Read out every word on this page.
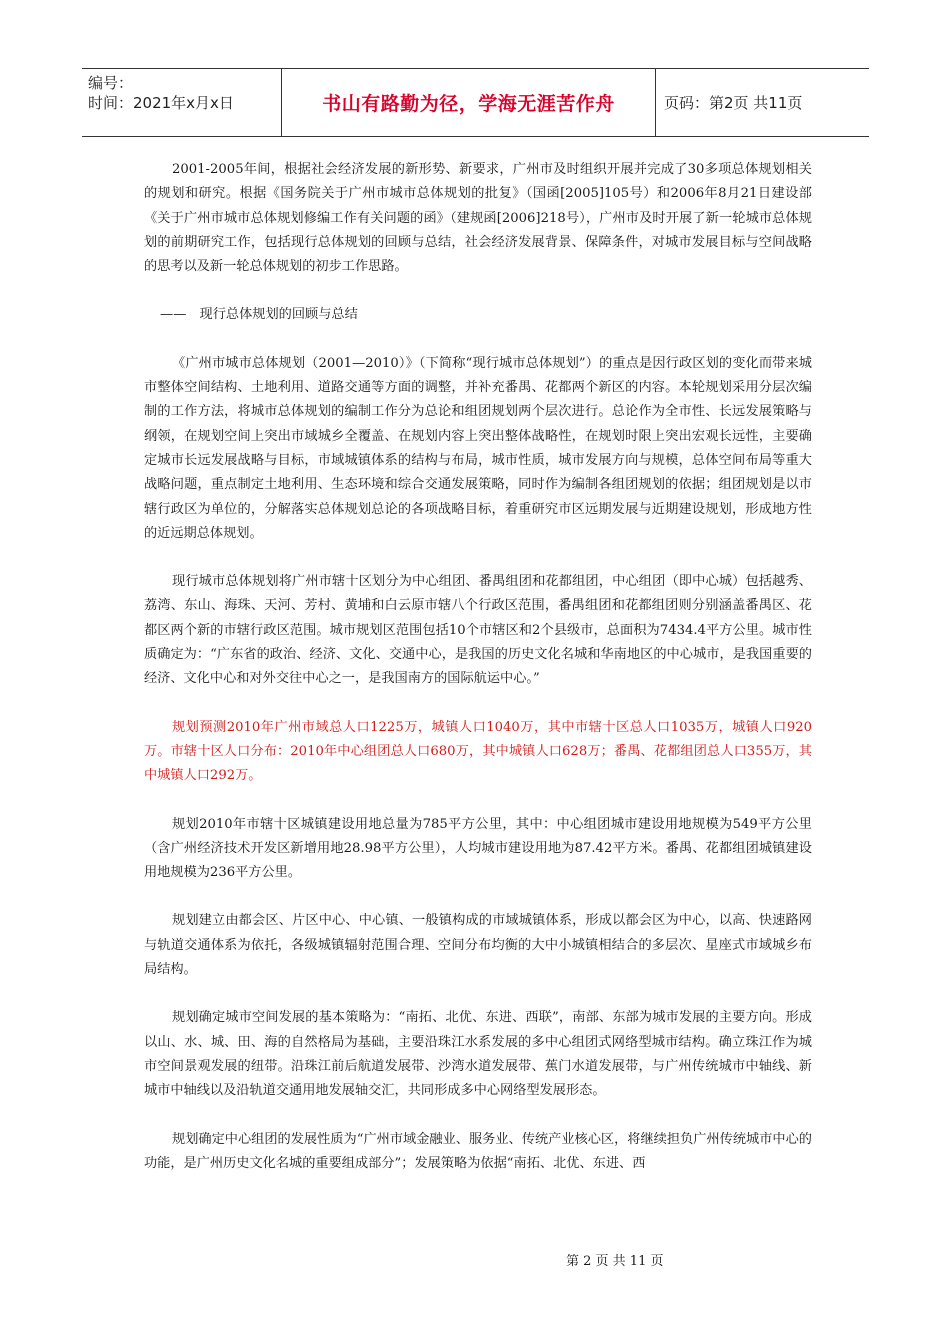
编号：
时间：2021年x月x日	书山有路勤为径，学海无涯苦作舟	页码：第2页 共11页

2001-2005年间，根据社会经济发展的新形势、新要求，广州市及时组织开展并完成了30多项总体规划相关的规划和研究。根据《国务院关于广州市城市总体规划的批复》（国函[2005]105号）和2006年8月21日建设部《关于广州市城市总体规划修编工作有关问题的函》（建规函[2006]218号），广州市及时开展了新一轮城市总体规划的前期研究工作，包括现行总体规划的回顾与总结，社会经济发展背景、保障条件，对城市发展目标与空间战略的思考以及新一轮总体规划的初步工作思路。

——　现行总体规划的回顾与总结

《广州市城市总体规划（2001—2010）》（下简称“现行城市总体规划”）的重点是因行政区划的变化而带来城市整体空间结构、土地利用、道路交通等方面的调整，并补充番禺、花都两个新区的内容。本轮规划采用分层次编制的工作方法，将城市总体规划的编制工作分为总论和组团规划两个层次进行。总论作为全市性、长远发展策略与纲领，在规划空间上突出市域城乡全覆盖、在规划内容上突出整体战略性，在规划时限上突出宏观长远性，主要确定城市长远发展战略与目标，市域城镇体系的结构与布局，城市性质，城市发展方向与规模，总体空间布局等重大战略问题，重点制定土地利用、生态环境和综合交通发展策略，同时作为编制各组团规划的依据；组团规划是以市辖行政区为单位的，分解落实总体规划总论的各项战略目标，着重研究市区远期发展与近期建设规划，形成地方性的近远期总体规划。

现行城市总体规划将广州市辖十区划分为中心组团、番禺组团和花都组团，中心组团（即中心城）包括越秀、荔湾、东山、海珠、天河、芳村、黄埔和白云原市辖八个行政区范围，番禺组团和花都组团则分别涵盖番禺区、花都区两个新的市辖行政区范围。城市规划区范围包括10个市辖区和2个县级市，总面积为7434.4平方公里。城市性质确定为：“广东省的政治、经济、文化、交通中心，是我国的历史文化名城和华南地区的中心城市，是我国重要的经济、文化中心和对外交往中心之一，是我国南方的国际航运中心。”

规划预测2010年广州市域总人口1225万，城镇人口1040万，其中市辖十区总人口1035万，城镇人口920万。市辖十区人口分布：2010年中心组团总人口680万，其中城镇人口628万；番禺、花都组团总人口355万，其中城镇人口292万。

规划2010年市辖十区城镇建设用地总量为785平方公里，其中：中心组团城市建设用地规模为549平方公里（含广州经济技术开发区新增用地28.98平方公里），人均城市建设用地为87.42平方米。番禺、花都组团城镇建设用地规模为236平方公里。

规划建立由都会区、片区中心、中心镇、一般镇构成的市域城镇体系，形成以都会区为中心，以高、快速路网与轨道交通体系为依托，各级城镇辐射范围合理、空间分布均衡的大中小城镇相结合的多层次、星座式市域城乡布局结构。

规划确定城市空间发展的基本策略为：“南拓、北优、东进、西联”，南部、东部为城市发展的主要方向。形成以山、水、城、田、海的自然格局为基础，主要沿珠江水系发展的多中心组团式网络型城市结构。确立珠江作为城市空间景观发展的纽带。沿珠江前后航道发展带、沙湾水道发展带、蕉门水道发展带，与广州传统城市中轴线、新城市中轴线以及沿轨道交通用地发展轴交汇，共同形成多中心网络型发展形态。

规划确定中心组团的发展性质为“广州市域金融业、服务业、传统产业核心区，将继续担负广州传统城市中心的功能，是广州历史文化名城的重要组成部分”；发展策略为依据“南拓、北优、东进、西

第 2 页 共 11 页
